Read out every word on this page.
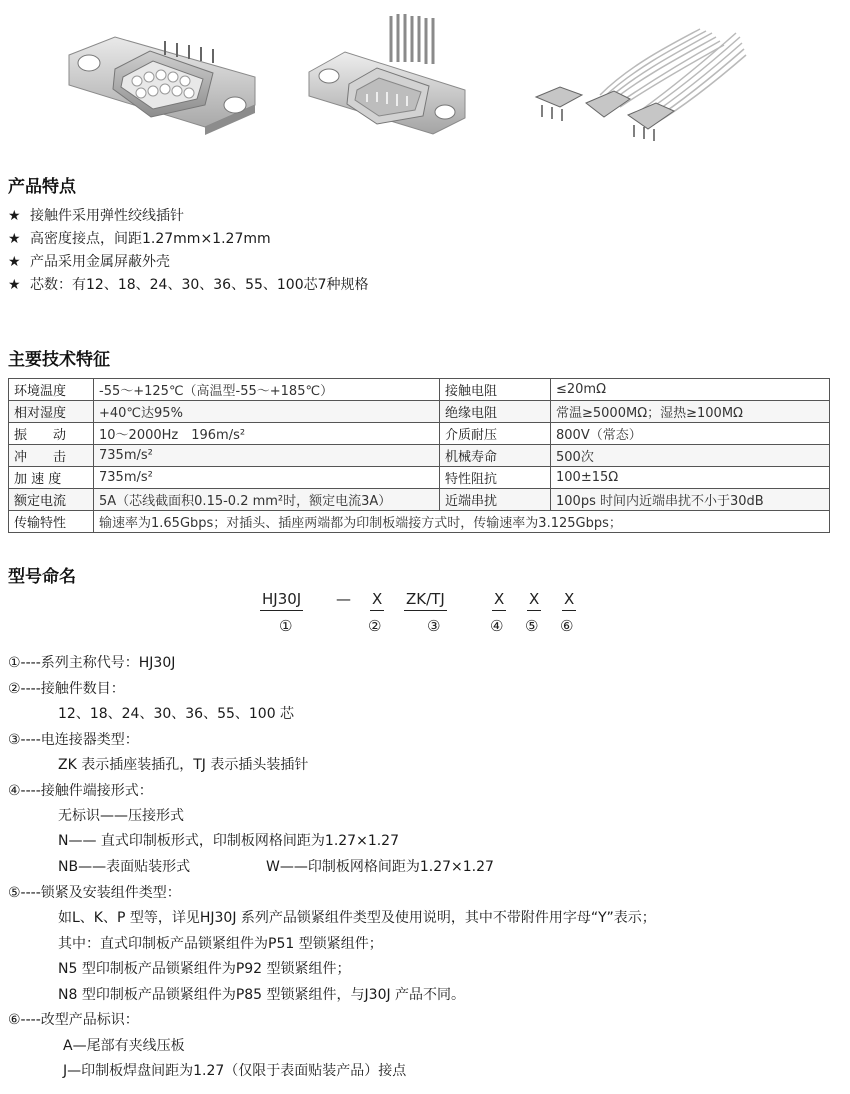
产品特点
★ 接触件采用弹性绞线插针
★ 高密度接点，间距1.27mm×1.27mm
★ 产品采用金属屏蔽外壳
★ 芯数：有12、18、24、30、36、55、100芯7种规格
主要技术特征
环境温度	-55～+125℃（高温型-55～+185℃）	接触电阻	≤20mΩ
相对湿度	+40℃达95%	绝缘电阻	常温≥5000MΩ；湿热≥100MΩ
振　　动	10～2000Hz　196m/s²	介质耐压	800V（常态）
冲　　击	735m/s²	机械寿命	500次
加 速 度	735m/s²	特性阻抗	100±15Ω
额定电流	5A（芯线截面积0.15-0.2 mm²时，额定电流3A）	近端串扰	100ps 时间内近端串扰不小于30dB
传输特性	输速率为1.65Gbps；对插头、插座两端都为印制板端接方式时，传输速率为3.125Gbps；		
型号命名
HJ30J — X ZK/TJ	X X X
①	②	③	④ ⑤ ⑥
①----系列主称代号：HJ30J
②----接触件数目：
12、18、24、30、36、55、100 芯
③----电连接器类型：
ZK 表示插座装插孔，TJ 表示插头装插针
④----接触件端接形式：
无标识——压接形式
N—— 直式印制板形式，印制板网格间距为1.27×1.27
NB——表面贴装形式	W——印制板网格间距为1.27×1.27
⑤----锁紧及安装组件类型：
如L、K、P 型等，详见HJ30J 系列产品锁紧组件类型及使用说明，其中不带附件用字母“Y”表示；
其中：直式印制板产品锁紧组件为P51 型锁紧组件；
N5 型印制板产品锁紧组件为P92 型锁紧组件；
N8 型印制板产品锁紧组件为P85 型锁紧组件，与J30J 产品不同。
⑥----改型产品标识：
A—尾部有夹线压板
J—印制板焊盘间距为1.27（仅限于表面贴装产品）接点
